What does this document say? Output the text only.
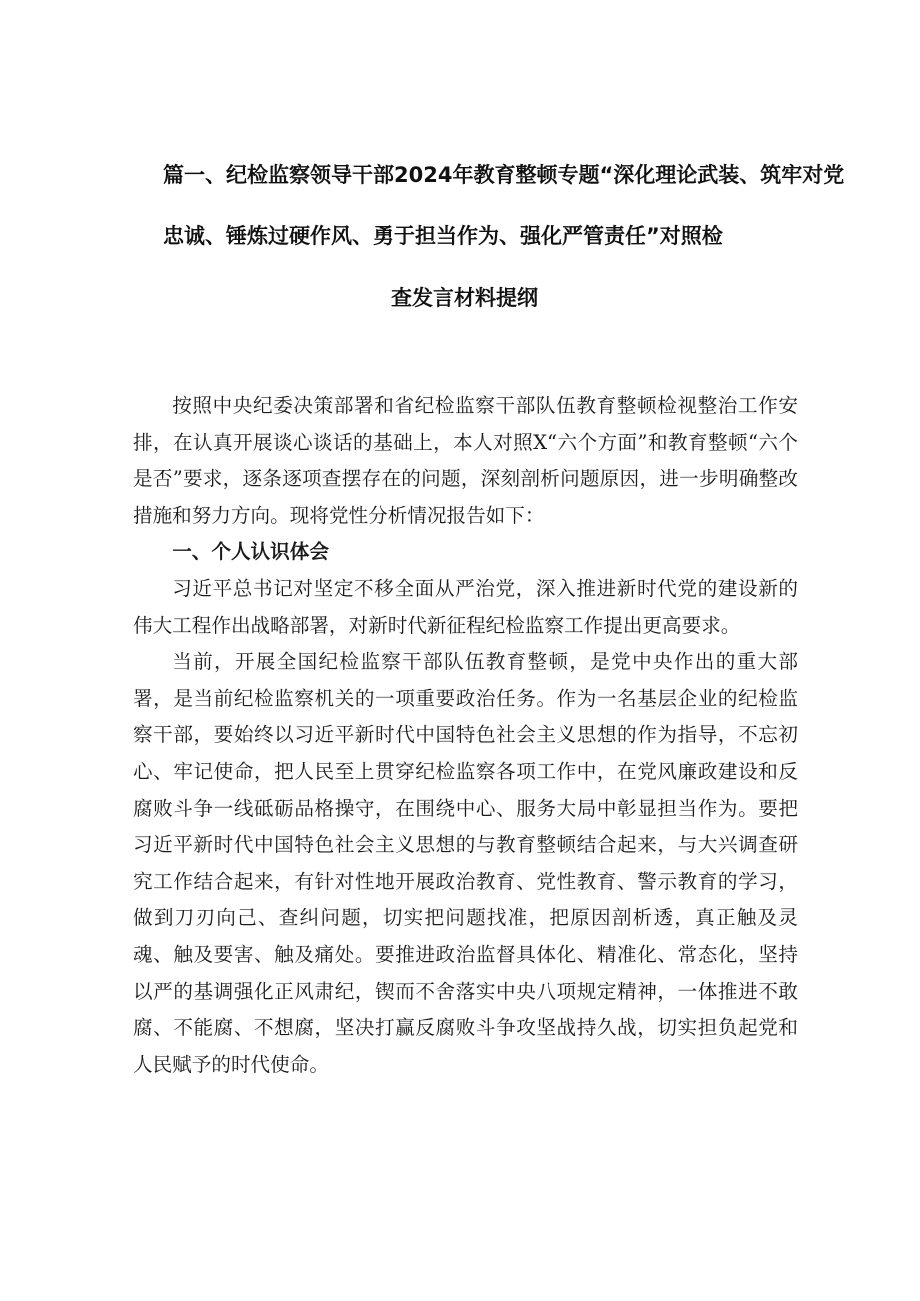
篇一、纪检监察领导干部2024年教育整顿专题“深化理论武装、筑牢对党
忠诚、锤炼过硬作风、勇于担当作为、强化严管责任”对照检
查发言材料提纲

按照中央纪委决策部署和省纪检监察干部队伍教育整顿检视整治工作安排，在认真开展谈心谈话的基础上，本人对照X“六个方面”和教育整顿“六个是否”要求，逐条逐项查摆存在的问题，深刻剖析问题原因，进一步明确整改措施和努力方向。现将党性分析情况报告如下：

一、个人认识体会

习近平总书记对坚定不移全面从严治党，深入推进新时代党的建设新的伟大工程作出战略部署，对新时代新征程纪检监察工作提出更高要求。

当前，开展全国纪检监察干部队伍教育整顿，是党中央作出的重大部署，是当前纪检监察机关的一项重要政治任务。作为一名基层企业的纪检监察干部，要始终以习近平新时代中国特色社会主义思想的作为指导，不忘初心、牢记使命，把人民至上贯穿纪检监察各项工作中，在党风廉政建设和反腐败斗争一线砥砺品格操守，在围绕中心、服务大局中彰显担当作为。要把习近平新时代中国特色社会主义思想的与教育整顿结合起来，与大兴调查研究工作结合起来，有针对性地开展政治教育、党性教育、警示教育的学习，做到刀刃向己、查纠问题，切实把问题找准，把原因剖析透，真正触及灵魂、触及要害、触及痛处。要推进政治监督具体化、精准化、常态化，坚持以严的基调强化正风肃纪，锲而不舍落实中央八项规定精神，一体推进不敢腐、不能腐、不想腐，坚决打赢反腐败斗争攻坚战持久战，切实担负起党和人民赋予的时代使命。
